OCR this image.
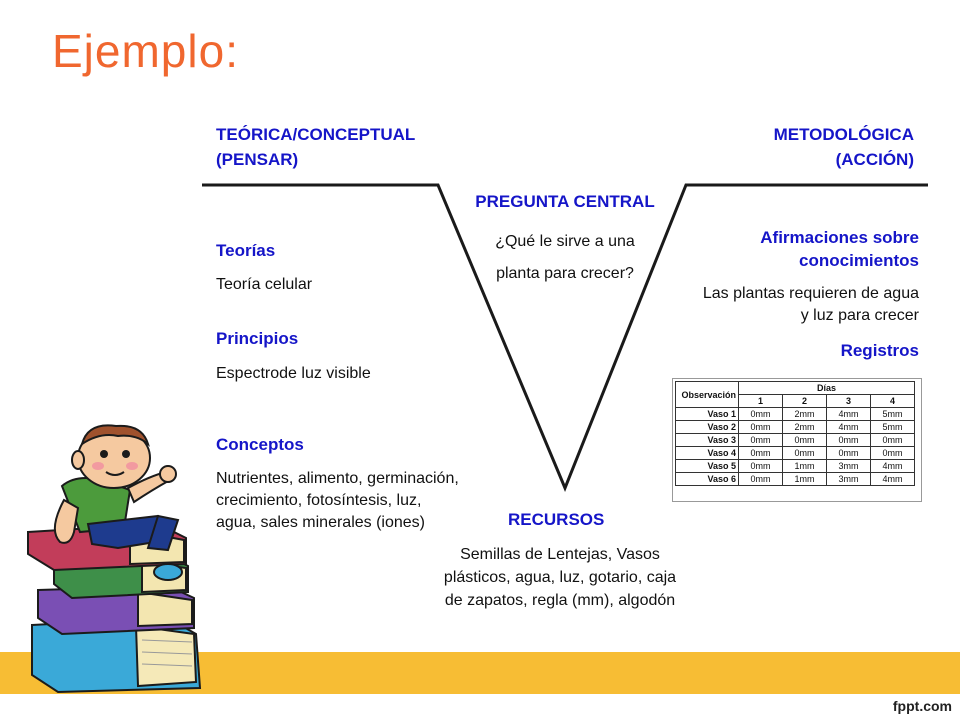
Ejemplo:
TEÓRICA/CONCEPTUAL
(PENSAR)
METODOLÓGICA
(ACCIÓN)
PREGUNTA CENTRAL
¿Qué le sirve a una
planta para crecer?
Teorías
Teoría celular
Principios
Espectrode luz visible
Conceptos
Nutrientes, alimento, germinación,
crecimiento, fotosíntesis, luz,
agua, sales minerales (iones)
Afirmaciones sobre
conocimientos
Las plantas requieren de agua
y luz para crecer
Registros
Observación	Días			
	1	2	3	4
Vaso 1	0mm	2mm	4mm	5mm
Vaso 2	0mm	2mm	4mm	5mm
Vaso 3	0mm	0mm	0mm	0mm
Vaso 4	0mm	0mm	0mm	0mm
Vaso 5	0mm	1mm	3mm	4mm
Vaso 6	0mm	1mm	3mm	4mm
RECURSOS
Semillas de Lentejas, Vasos
plásticos, agua, luz, gotario, caja
de zapatos, regla (mm), algodón
fppt.com
